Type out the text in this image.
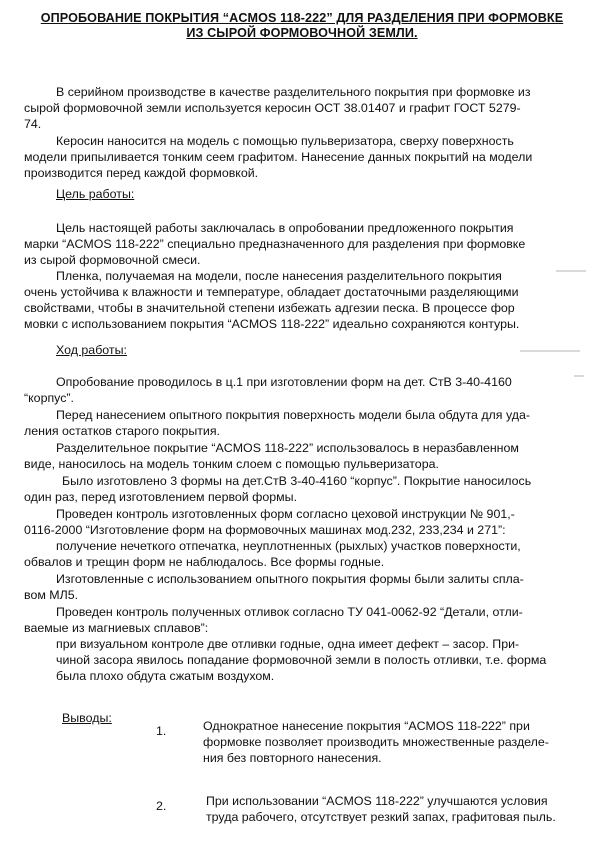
ОПРОБОВАНИЕ ПОКРЫТИЯ “ACMOS 118-222” ДЛЯ РАЗДЕЛЕНИЯ ПРИ ФОРМОВКЕ
ИЗ СЫРОЙ ФОРМОВОЧНОЙ ЗЕМЛИ.
В серийном производстве в качестве разделительного покрытия при формовке из
сырой формовочной земли используется керосин ОСТ 38.01407 и графит ГОСТ 5279-
74.
Керосин наносится на модель с помощью пульверизатора, сверху поверхность
модели припыливается тонким сеем графитом. Нанесение данных покрытий на модели
производится перед каждой формовкой.
Цель работы:
Цель настоящей работы заключалась в опробовании предложенного покрытия
марки “ACMOS 118-222” специально предназначенного для разделения при формовке
из сырой формовочной смеси.
Пленка, получаемая на модели, после нанесения разделительного покрытия
очень устойчива к влажности и температуре, обладает достаточными разделяющими
свойствами, чтобы в значительной степени избежать адгезии песка. В процессе фор
мовки с использованием покрытия “ACMOS 118-222” идеально сохраняются контуры.
Ход работы:
Опробование проводилось в ц.1 при изготовлении форм на дет. СтВ 3-40-4160
“корпус”.
Перед нанесением опытного покрытия поверхность модели была обдута для уда-
ления остатков старого покрытия.
Разделительное покрытие “ACMOS 118-222” использовалось в неразбавленном
виде, наносилось на модель тонким слоем с помощью пульверизатора.
Было изготовлено 3 формы на дет.СтВ 3-40-4160 “корпус”. Покрытие наносилось
один раз, перед изготовлением первой формы.
Проведен контроль изготовленных форм согласно цеховой инструкции № 901,-
0116-2000 “Изготовление форм на формовочных машинах мод.232, 233,234 и 271”:
получение нечеткого отпечатка, неуплотненных (рыхлых) участков поверхности,
обвалов и трещин форм не наблюдалось. Все формы годные.
Изготовленные с использованием опытного покрытия формы были залиты спла-
вом МЛ5.
Проведен контроль полученных отливок согласно ТУ 041-0062-92 “Детали, отли-
ваемые из магниевых сплавов”:
при визуальном контроле две отливки годные, одна имеет дефект – засор. При-
чиной засора явилось попадание формовочной земли в полость отливки, т.е. форма
была плохо обдута сжатым воздухом.
Выводы:
1.	Однократное нанесение покрытия “ACMOS 118-222” при
формовке позволяет производить множественные разделе-
ния без повторного нанесения.
2.	При использовании “ACMOS 118-222” улучшаются условия
труда рабочего, отсутствует резкий запах, графитовая пыль.
